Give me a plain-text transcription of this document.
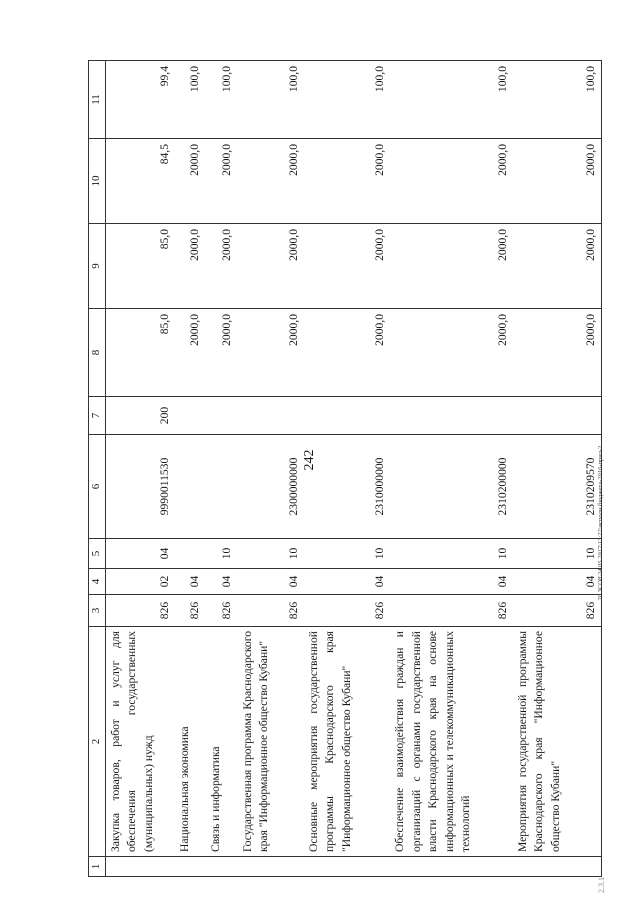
242	20 ЗСО8\24.05.2017\13:22\исполн бюджета-2016-прил-2
2.3.1
1	2	3	4	5	6	7	8	9	10	11
	Закупка товаров, работ и услуг для обеспечения государственных (муниципальных) нужд	826	02	04	9990011530	200	85,0	85,0	84,5	99,4
	Национальная экономика	826	04				2000,0	2000,0	2000,0	100,0
	Связь и информатика	826	04	10			2000,0	2000,0	2000,0	100,0
	Государственная программа Краснодарского края "Информационное общество Кубани"	826	04	10	2300000000		2000,0	2000,0	2000,0	100,0
	Основные мероприятия государственной программы Краснодарского края "Информационное общество Кубани"	826	04	10	2310000000		2000,0	2000,0	2000,0	100,0
	Обеспечение взаимодействия граждан и организаций с органами государственной власти Краснодарского края на основе информационных и телекоммуникационных технологий	826	04	10	2310200000		2000,0	2000,0	2000,0	100,0
	Мероприятия государственной программы Краснодарского края "Информационное общество Кубани"	826	04	10	2310209570		2000,0	2000,0	2000,0	100,0
